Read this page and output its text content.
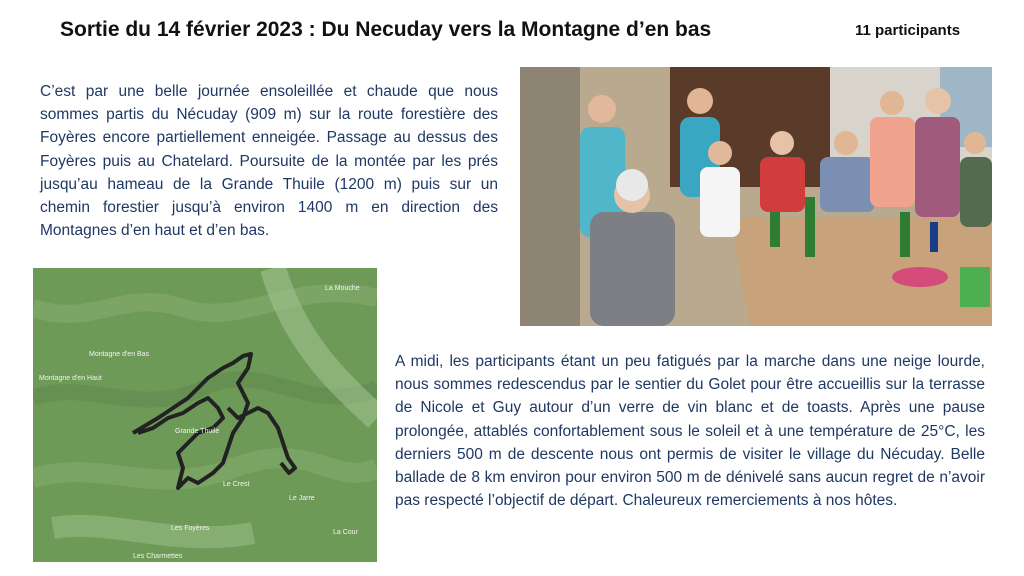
Sortie du 14 février 2023 : Du Necuday vers la Montagne d’en bas	11 participants
C’est par une belle journée ensoleillée et chaude que nous sommes partis du Nécuday (909 m) sur la route forestière des Foyères encore partiellement enneigée. Passage au dessus des Foyères puis au Chatelard. Poursuite de la montée par les prés jusqu’au hameau de la Grande Thuile (1200 m) puis sur un chemin forestier jusqu’à environ 1400 m en direction des Montagnes d’en haut et d’en bas.
La Mouche
Montagne d'en Bas
Montagne d'en Haut
Grande Thuile
Le Jarre
Le Crest
Les Foyères
Les Charmettes
La Cour
A midi, les participants étant un peu fatigués par la marche dans une neige lourde, nous sommes redescendus par le sentier du Golet pour être accueillis sur la terrasse de Nicole et Guy autour d’un verre de vin blanc et de toasts. Après une pause prolongée, attablés confortablement sous le soleil et à une température de 25°C, les derniers 500 m de descente nous ont permis de visiter le village du Nécuday. Belle ballade de 8 km environ pour environ 500 m de dénivelé sans aucun regret de n’avoir pas respecté l’objectif de départ. Chaleureux remerciements à nos hôtes.
